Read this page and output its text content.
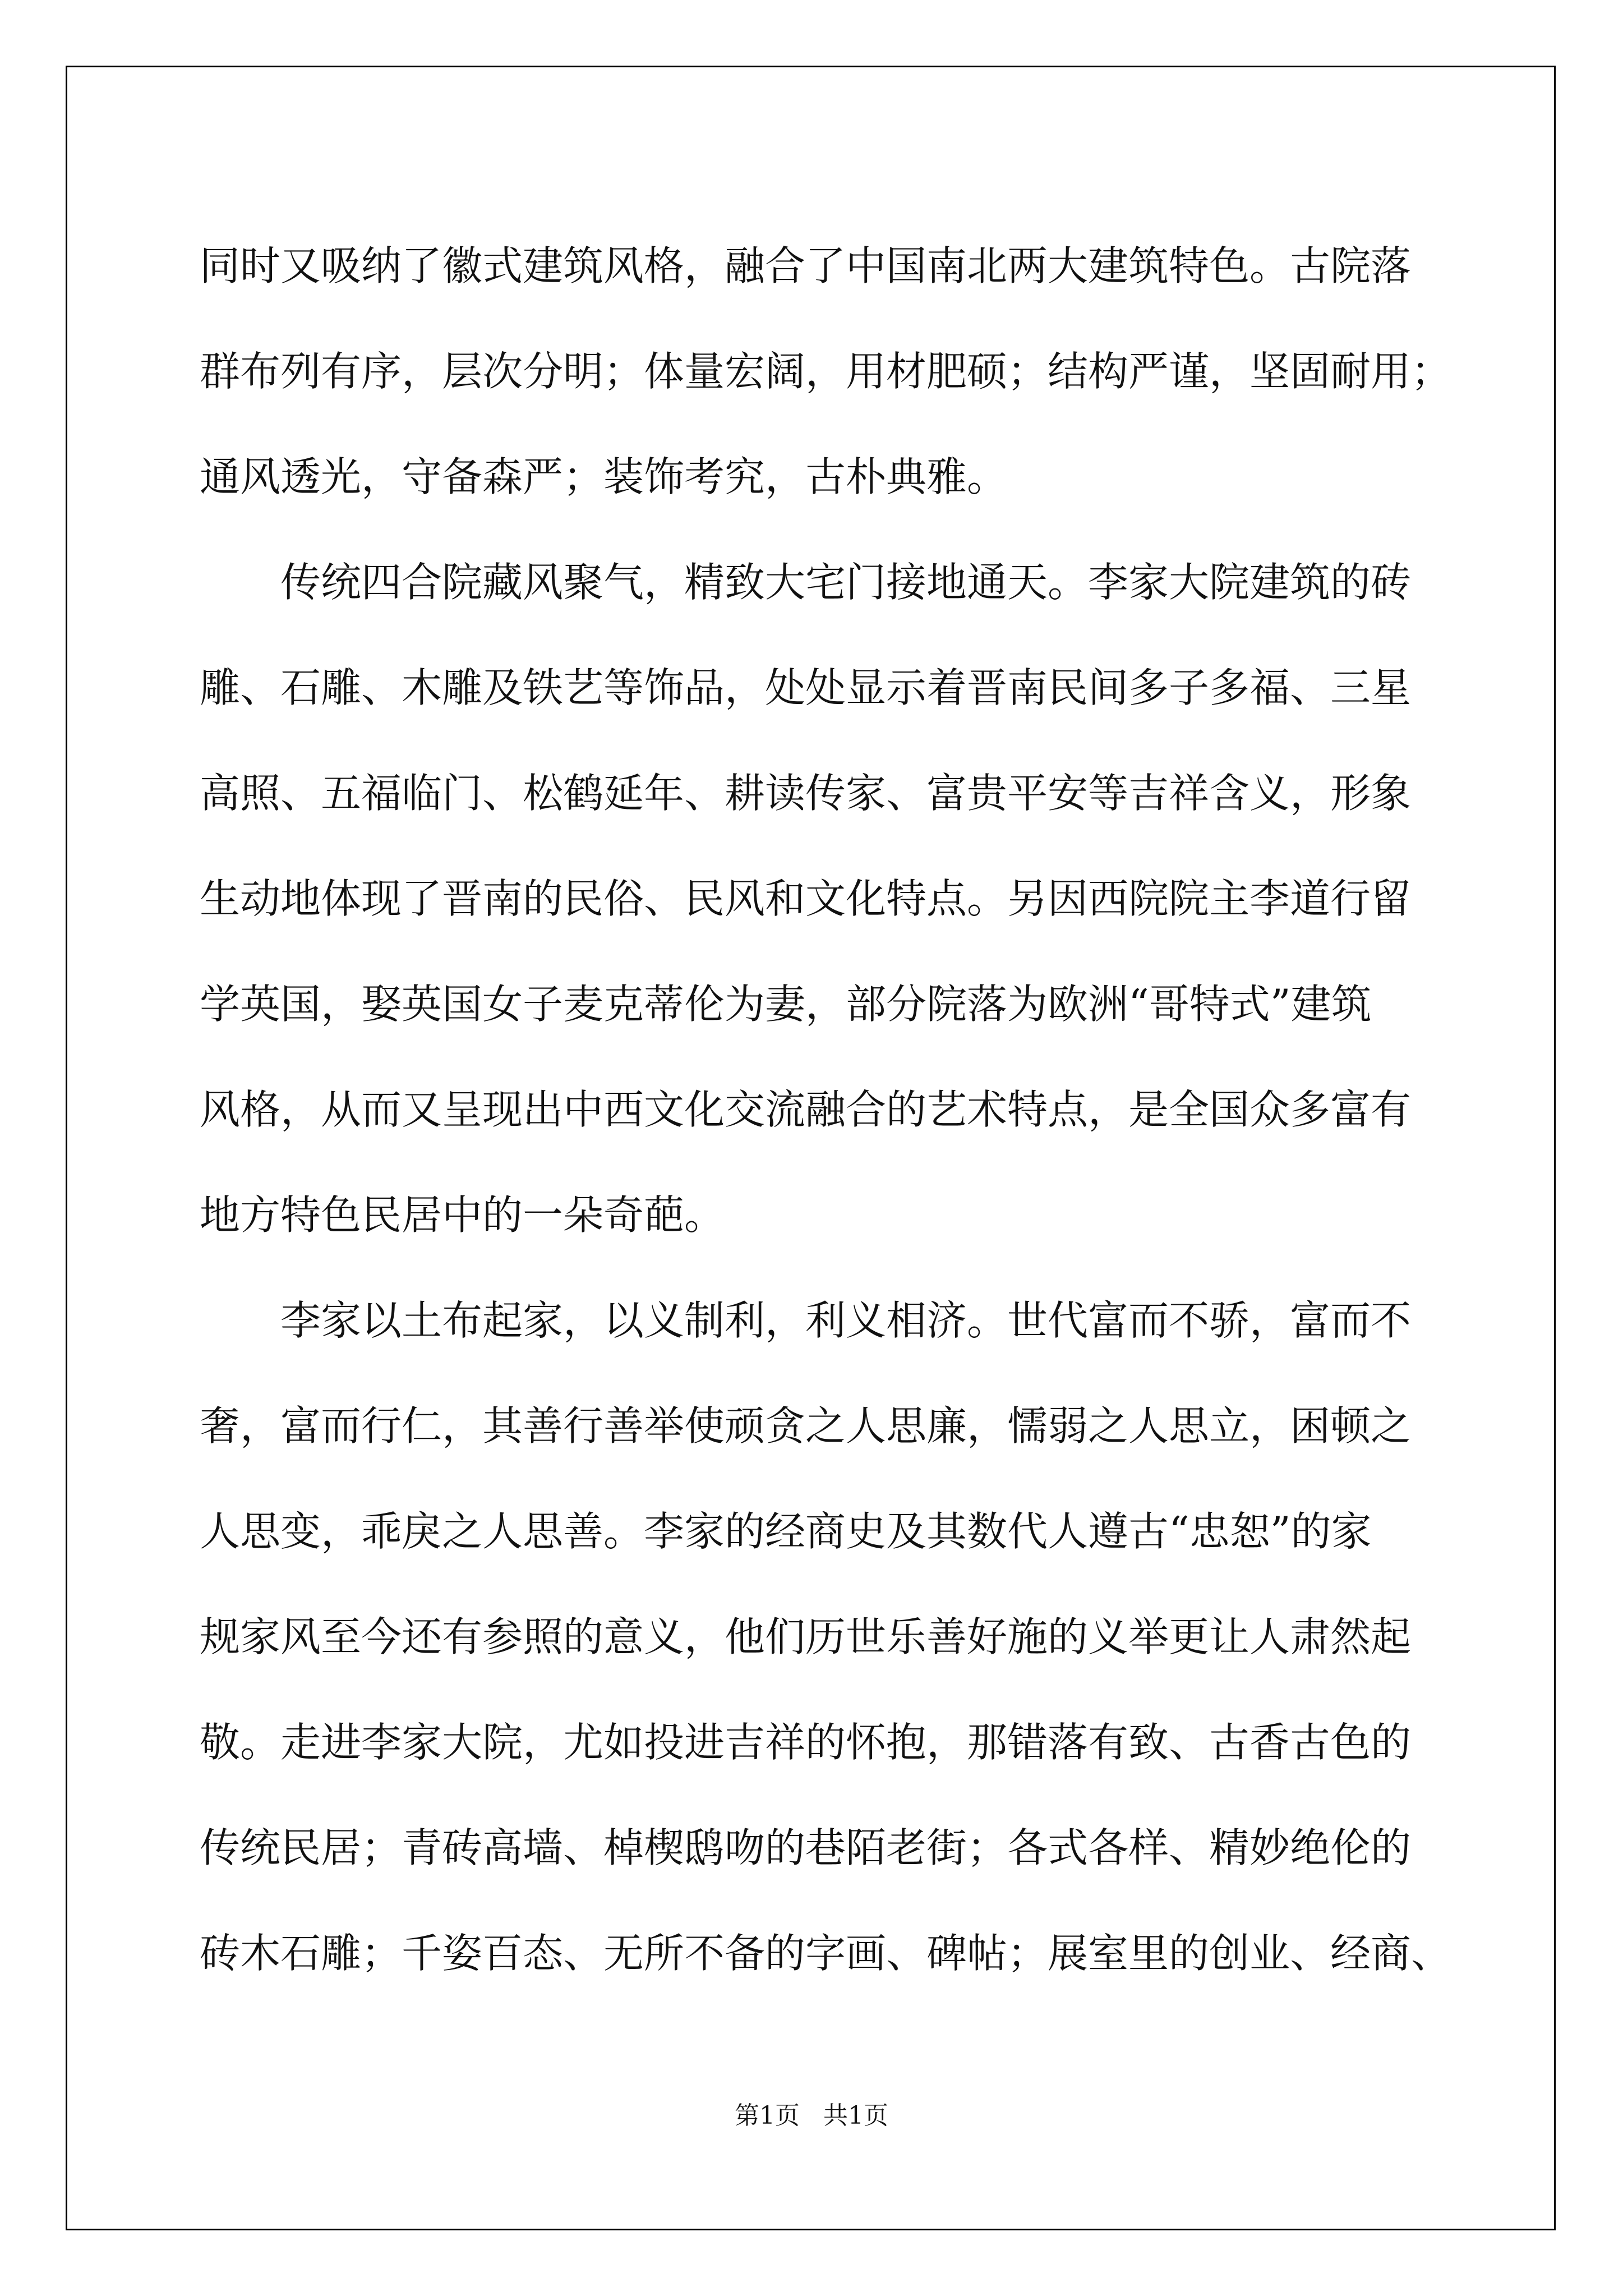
同时又吸纳了徽式建筑风格，融合了中国南北两大建筑特色。古院落
群布列有序，层次分明；体量宏阔，用材肥硕；结构严谨，坚固耐用；
通风透光，守备森严；装饰考究，古朴典雅。
传统四合院藏风聚气，精致大宅门接地通天。李家大院建筑的砖
雕、石雕、木雕及铁艺等饰品，处处显示着晋南民间多子多福、三星
高照、五福临门、松鹤延年、耕读传家、富贵平安等吉祥含义，形象
生动地体现了晋南的民俗、民风和文化特点。另因西院院主李道行留
学英国，娶英国女子麦克蒂伦为妻，部分院落为欧洲“哥特式”建筑
风格，从而又呈现出中西文化交流融合的艺术特点，是全国众多富有
地方特色民居中的一朵奇葩。
李家以土布起家，以义制利，利义相济。世代富而不骄，富而不
奢，富而行仁，其善行善举使顽贪之人思廉，懦弱之人思立，困顿之
人思变，乖戾之人思善。李家的经商史及其数代人遵古“忠恕”的家
规家风至今还有参照的意义，他们历世乐善好施的义举更让人肃然起
敬。走进李家大院，尤如投进吉祥的怀抱，那错落有致、古香古色的
传统民居；青砖高墙、棹楔鸱吻的巷陌老街；各式各样、精妙绝伦的
砖木石雕；千姿百态、无所不备的字画、碑帖；展室里的创业、经商、
第1页   共1页
